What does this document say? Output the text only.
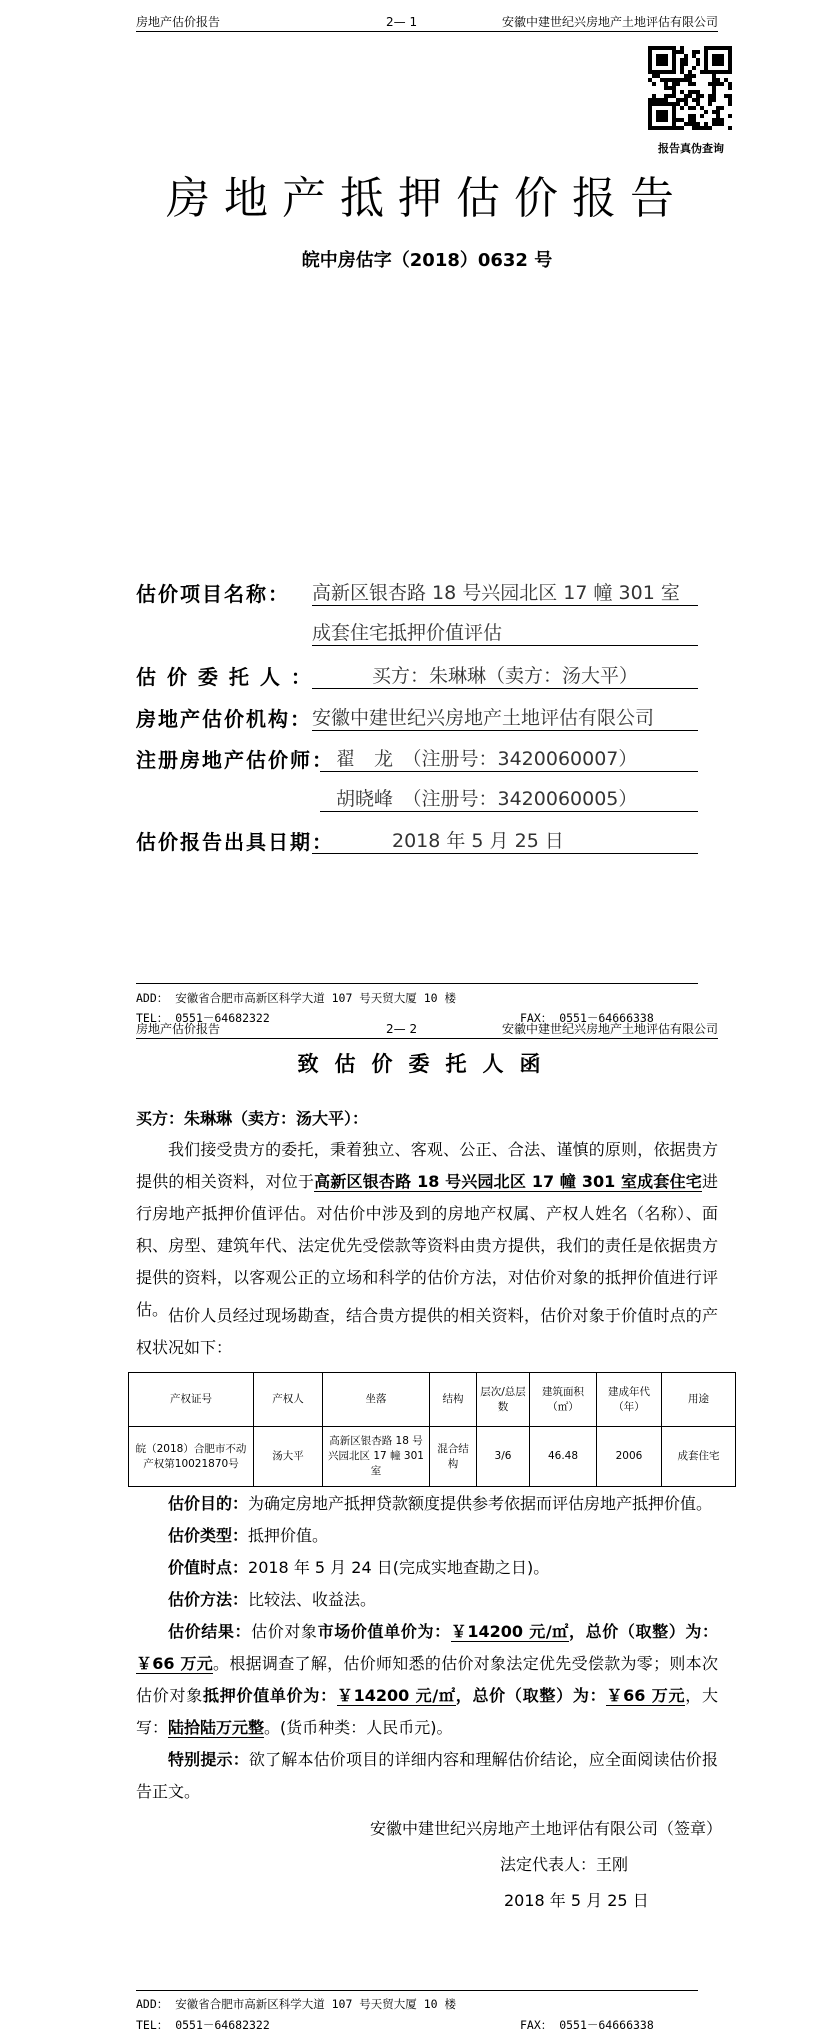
房地产估价报告	2— 1	安徽中建世纪兴房地产土地评估有限公司
报告真伪查询
房地产抵押估价报告
皖中房估字（2018）0632 号
估价项目名称： 高新区银杏路 18 号兴园北区 17 幢 301 室
成套住宅抵押价值评估
估 价 委 托 人 ：	买方：朱琳琳（卖方：汤大平）
房地产估价机构： 安徽中建世纪兴房地产土地评估有限公司
注册房地产估价师： 翟　龙　（注册号：3420060007）
胡晓峰　（注册号：3420060005）
估价报告出具日期：	2018 年 5 月 25 日
ADD： 安徽省合肥市高新区科学大道 107 号天贸大厦 10 楼
TEL： 0551－64682322	FAX： 0551－64666338
房地产估价报告	2— 2	安徽中建世纪兴房地产土地评估有限公司
致估价委托人函
买方：朱琳琳（卖方：汤大平）：
我们接受贵方的委托，秉着独立、客观、公正、合法、谨慎的原则，依据贵方提供的相关资料，对位于高新区银杏路 18 号兴园北区 17 幢 301 室成套住宅进行房地产抵押价值评估。对估价中涉及到的房地产权属、产权人姓名（名称）、面积、房型、建筑年代、法定优先受偿款等资料由贵方提供，我们的责任是依据贵方提供的资料，以客观公正的立场和科学的估价方法，对估价对象的抵押价值进行评估。 估价人员经过现场勘查，结合贵方提供的相关资料，估价对象于价值时点的产权状况如下：
产权证号	产权人	坐落	结构	层次/总层数	建筑面积（㎡）	建成年代（年）	用途
皖（2018）合肥市不动产权第10021870号	汤大平	高新区银杏路 18 号兴园北区 17 幢 301 室	混合结构	3/6	46.48	2006	成套住宅
估价目的：为确定房地产抵押贷款额度提供参考依据而评估房地产抵押价值。
估价类型：抵押价值。
价值时点：2018 年 5 月 24 日(完成实地查勘之日)。
估价方法：比较法、收益法。
估价结果：估价对象市场价值单价为：￥14200 元/㎡，总价（取整）为：￥66 万元。根据调查了解，估价师知悉的估价对象法定优先受偿款为零；则本次估价对象抵押价值单价为：￥14200 元/㎡，总价（取整）为：￥66 万元，大写：陆拾陆万元整。(货币种类：人民币元)。
特别提示：欲了解本估价项目的详细内容和理解估价结论，应全面阅读估价报告正文。
安徽中建世纪兴房地产土地评估有限公司（签章）
法定代表人：王刚
2018 年 5 月 25 日
ADD： 安徽省合肥市高新区科学大道 107 号天贸大厦 10 楼
TEL： 0551－64682322	FAX： 0551－64666338
